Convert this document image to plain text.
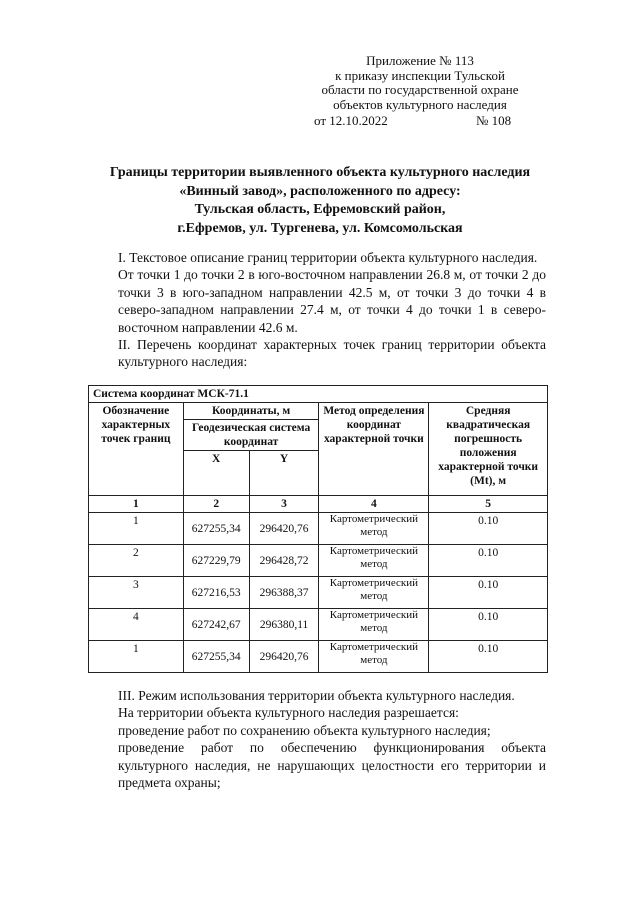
Приложение № 113
к приказу инспекции Тульской
области по государственной охране
объектов культурного наследия
от 12.10.2022	№ 108
Границы территории выявленного объекта культурного наследия
«Винный завод», расположенного по адресу:
Тульская область, Ефремовский район,
г.Ефремов, ул. Тургенева, ул. Комсомольская

I. Текстовое описание границ территории объекта культурного наследия.

От точки 1 до точки 2 в юго-восточном направлении 26.8 м, от точки 2 до точки 3 в юго-западном направлении 42.5 м, от точки 3 до точки 4 в северо-западном направлении 27.4 м, от точки 4 до точки 1 в северо-восточном направлении 42.6 м.

II. Перечень координат характерных точек границ территории объекта культурного наследия:

Система координат МСК-71.1				
Обозначение характерных точек границ	Координаты, м		Метод определения координат характерной точки	Средняя квадратическая погрешность положения характерной точки (Mt), м
	Геодезическая система координат			
	X	Y		
1	2	3	4	5
1	627255,34	296420,76	Картометрический метод	0.10
2	627229,79	296428,72	Картометрический метод	0.10
3	627216,53	296388,37	Картометрический метод	0.10
4	627242,67	296380,11	Картометрический метод	0.10
1	627255,34	296420,76	Картометрический метод	0.10

III. Режим использования территории объекта культурного наследия.

На территории объекта культурного наследия разрешается:

проведение работ по сохранению объекта культурного наследия;

проведение работ по обеспечению функционирования объекта культурного наследия, не нарушающих целостности его территории и предмета охраны;
